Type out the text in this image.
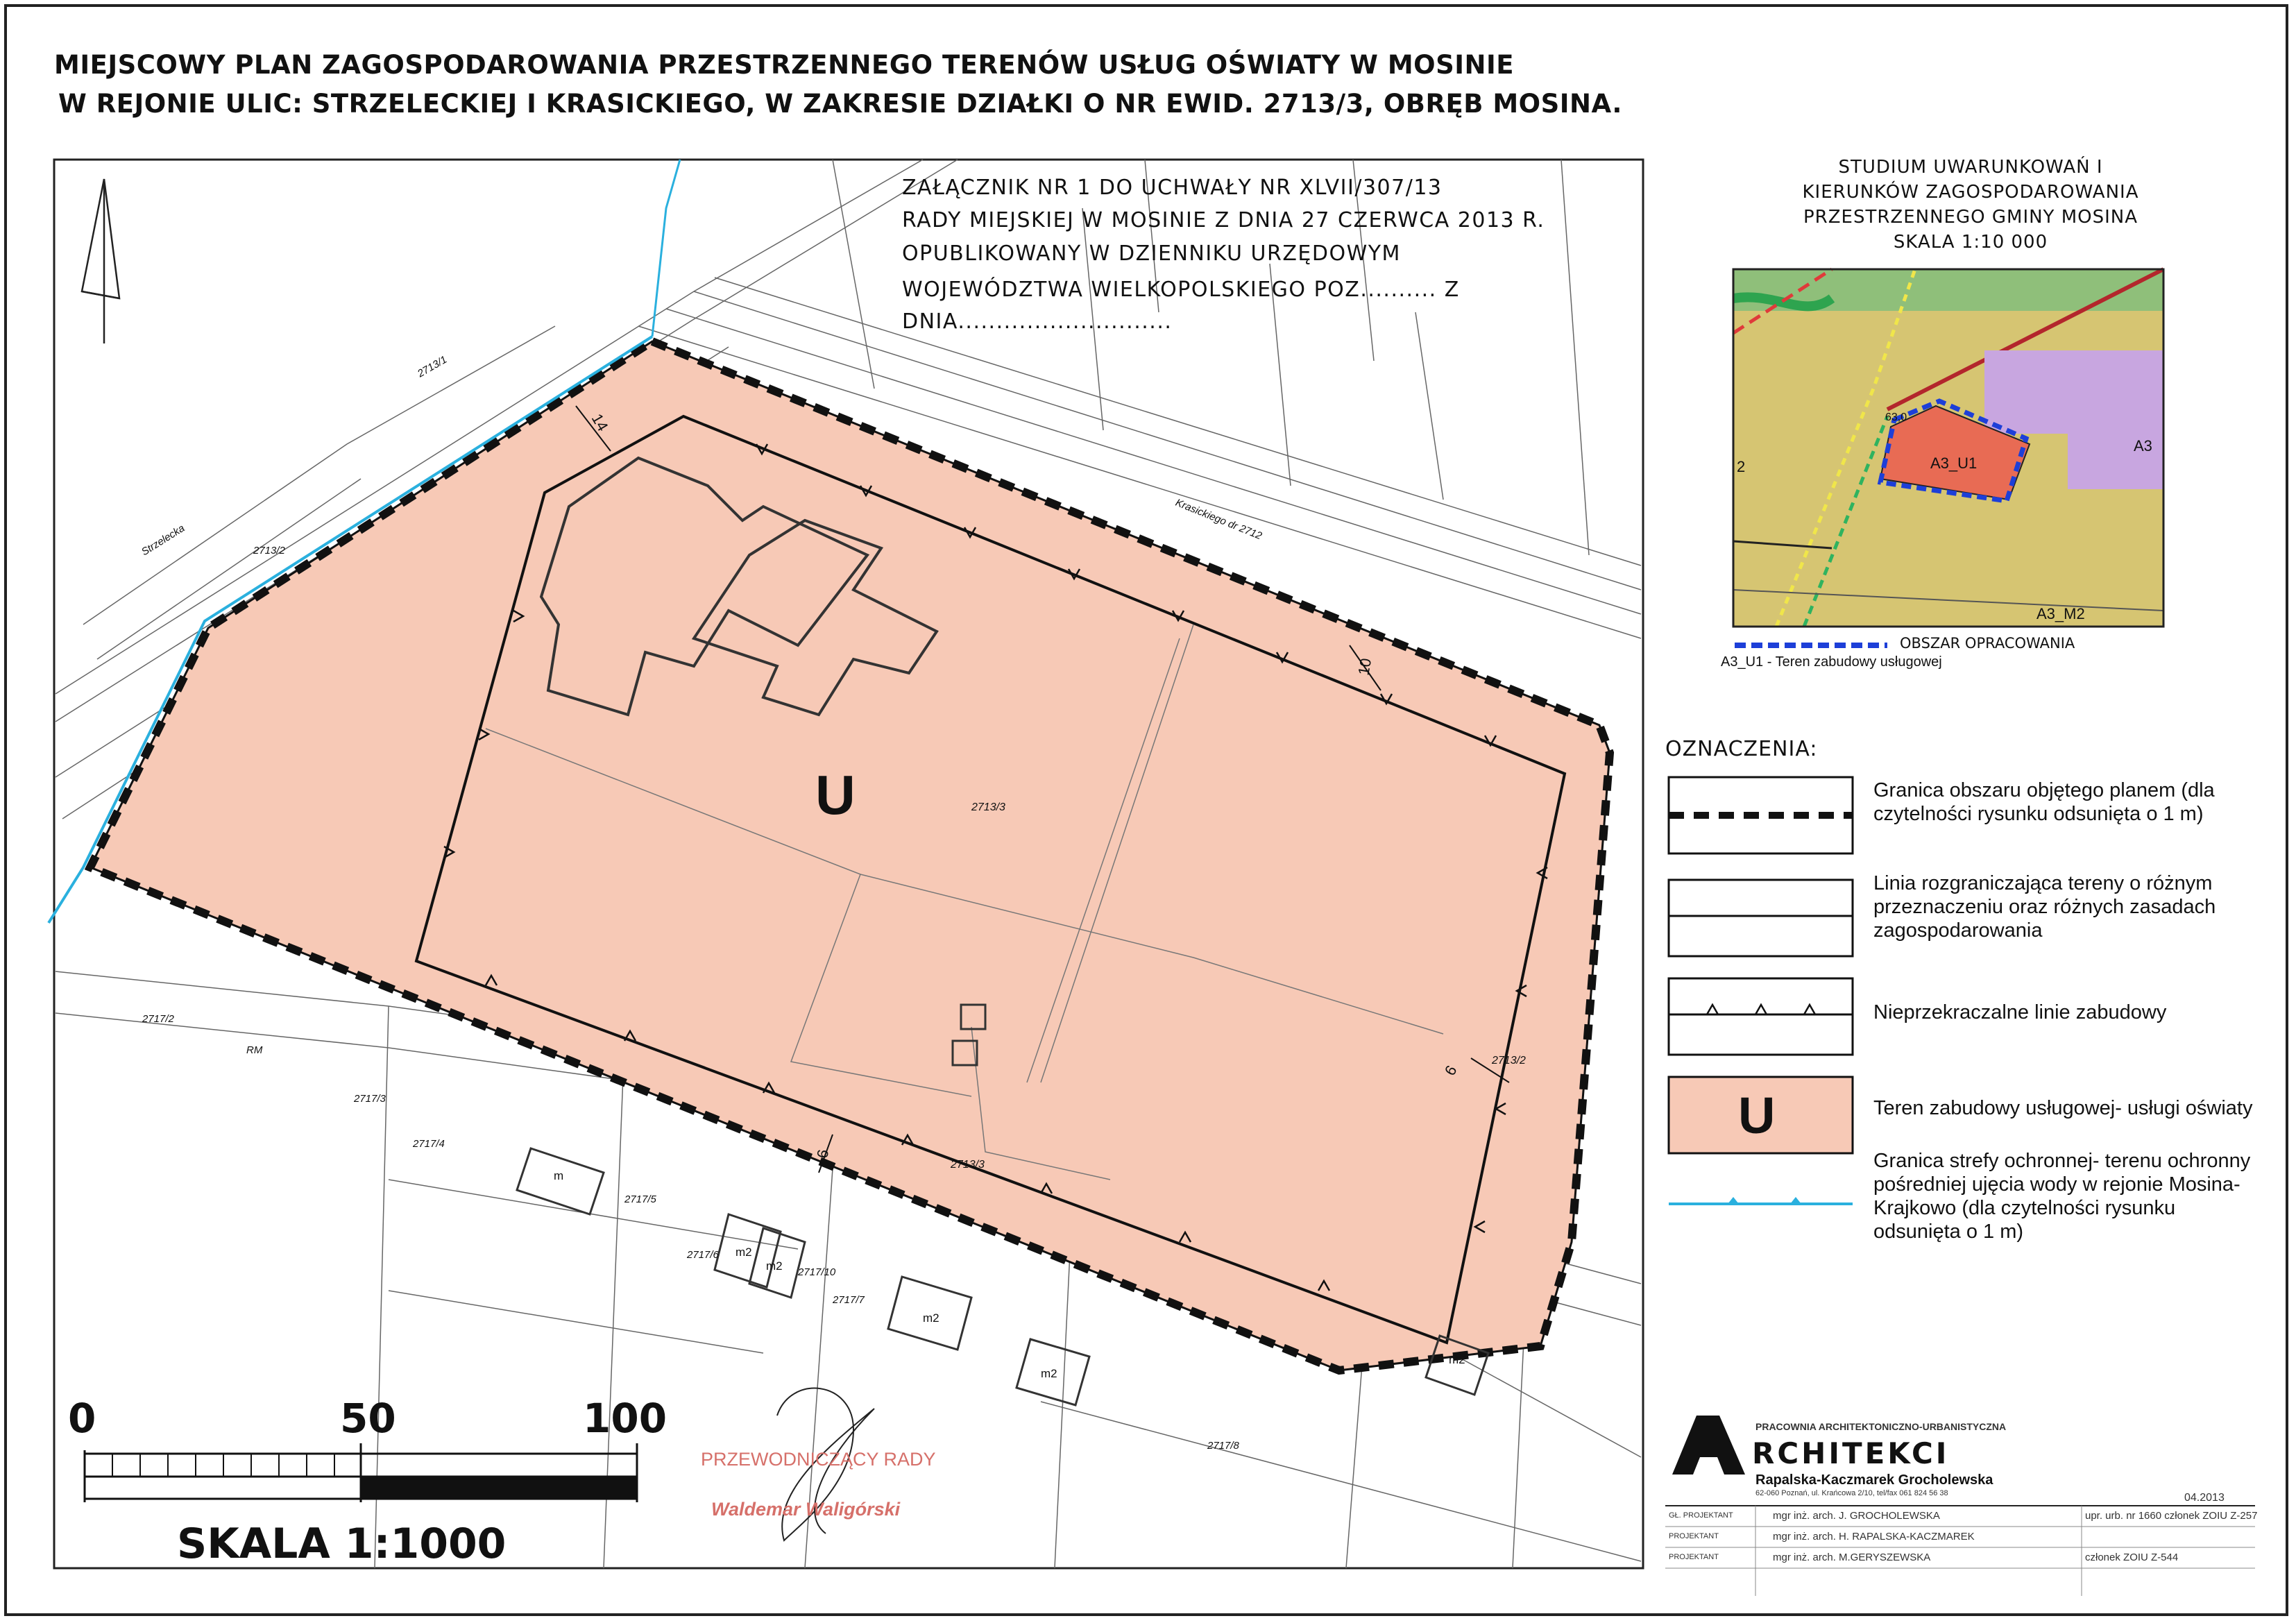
MIEJSCOWY PLAN ZAGOSPODAROWANIA PRZESTRZENNEGO TERENÓW USŁUG OŚWIATY W MOSINIE
W REJONIE ULIC: STRZELECKIEJ I KRASICKIEGO, W ZAKRESIE DZIAŁKI O NR EWID. 2713/3, OBRĘB MOSINA.
U	2713/3
2713/3
2713/2
2713/2
2713/1
Krasickiego dr 2712
Strzelecka
RM
2717/2
2717/3
2717/4
2717/5
2717/6
2717/7
2717/8
2717/10
m
m2
m2
m2
m2
m2
14
10
6
6
ZAŁĄCZNIK NR 1 DO UCHWAŁY NR XLVII/307/13
RADY MIEJSKIEJ W MOSINIE Z DNIA 27 CZERWCA 2013 R.
OPUBLIKOWANY W DZIENNIKU URZĘDOWYM
WOJEWÓDZTWA WIELKOPOLSKIEGO POZ.......... Z
DNIA............................
STUDIUM UWARUNKOWAŃ I
KIERUNKÓW ZAGOSPODAROWANIA
PRZESTRZENNEGO GMINY MOSINA
SKALA 1:10 000
A3_U1
A3
A3_M2
2
63,0
OBSZAR OPRACOWANIA
A3_U1 - Teren zabudowy usługowej
OZNACZENIA:
Granica obszaru objętego planem (dla czytelności rysunku odsunięta o 1 m)
Linia rozgraniczająca tereny o różnym przeznaczeniu oraz różnych zasadach zagospodarowania
Nieprzekraczalne linie zabudowy
U	Teren zabudowy usługowej- usługi oświaty
Granica strefy ochronnej- terenu ochronny pośredniej ujęcia wody w rejonie Mosina-Krajkowo (dla czytelności rysunku odsunięta o 1 m)
0	50	100
SKALA 1:1000
PRZEWODNICZĄCY RADY
Waldemar Waligórski
PRACOWNIA ARCHITEKTONICZNO-URBANISTYCZNA
RCHITEKCI
Rapalska-Kaczmarek Grocholewska
62-060 Poznań, ul. Krańcowa 2/10, tel/fax 061 824 56 38	04.2013
GŁ. PROJEKTANT	mgr inż. arch. J. GROCHOLEWSKA	upr. urb. nr 1660 członek ZOIU Z-257
PROJEKTANT	mgr inż. arch. H. RAPALSKA-KACZMAREK
PROJEKTANT	mgr inż. arch. M.GERYSZEWSKA	członek ZOIU Z-544
